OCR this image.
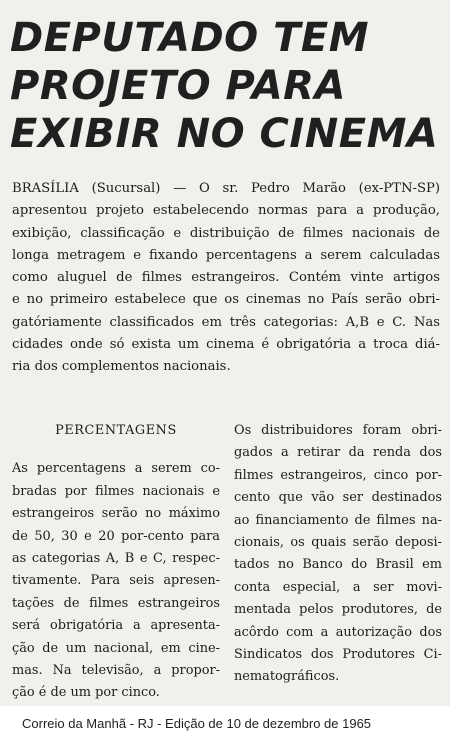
DEPUTADO TEM
PROJETO PARA
EXIBIR NO CINEMA

BRASÍLIA (Sucursal) — O sr. Pedro Marão (ex-PTN-SP)
apresentou projeto estabelecendo normas para a produção,
exibição, classificação e distribuição de filmes nacionais de
longa metragem e fixando percentagens a serem calculadas
como aluguel de filmes estrangeiros. Contém vinte artigos
e no primeiro estabelece que os cinemas no País serão obri-
gatóriamente classificados em três categorias: A,B e C. Nas
cidades onde só exista um cinema é obrigatória a troca diá-
ria dos complementos nacionais.

PERCENTAGENS
As percentagens a serem co-
bradas por filmes nacionais e
estrangeiros serão no máximo
de 50, 30 e 20 por-cento para
as categorias A, B e C, respec-
tivamente. Para seis apresen-
tações de filmes estrangeiros
será obrigatória a apresenta-
ção de um nacional, em cine-
mas. Na televisão, a propor-
ção é de um por cinco.
Os distribuidores foram obri-
gados a retirar da renda dos
filmes estrangeiros, cinco por-
cento que vão ser destinados
ao financiamento de filmes na-
cionais, os quais serão deposi-
tados no Banco do Brasil em
conta especial, a ser movi-
mentada pelos produtores, de
acôrdo com a autorização dos
Sindicatos dos Produtores Ci-
nematográficos.
Correio da Manhã - RJ - Edição de 10 de dezembro de 1965
